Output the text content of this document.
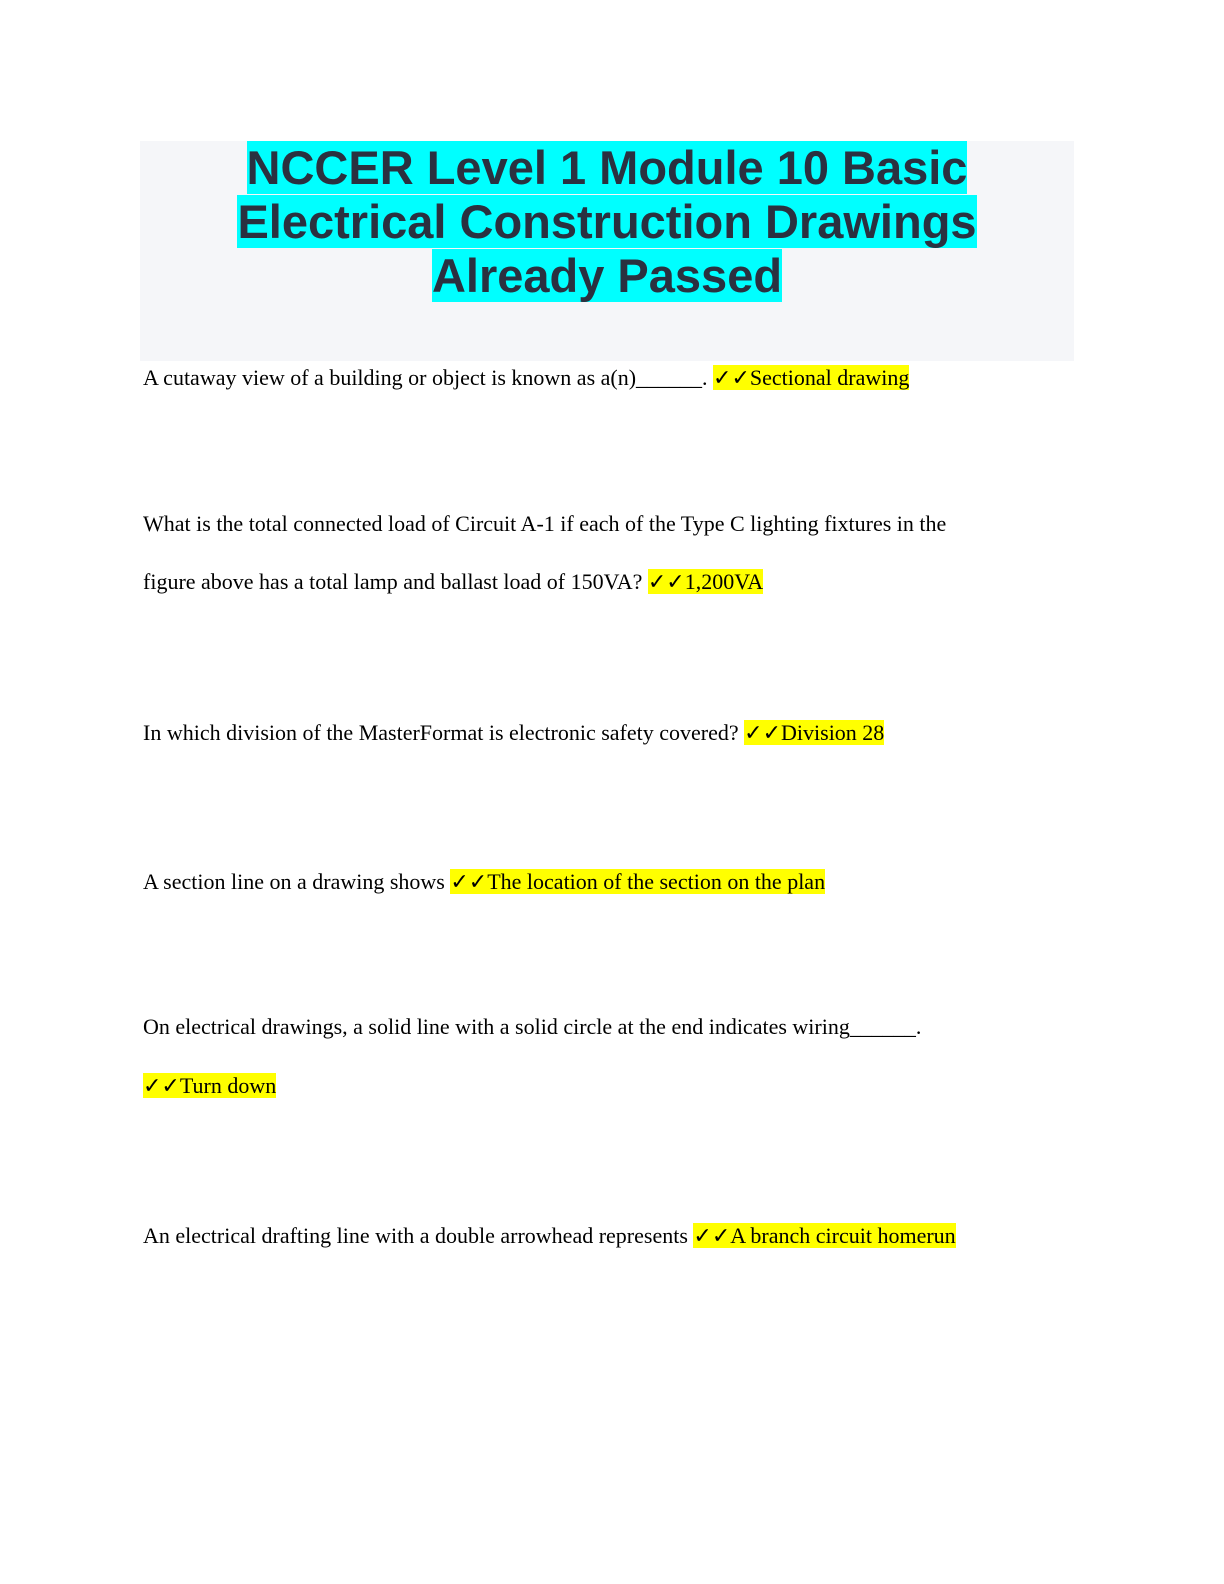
NCCER Level 1 Module 10 Basic
Electrical Construction Drawings
Already Passed

A cutaway view of a building or object is known as a(n)______. ✓✓Sectional drawing

What is the total connected load of Circuit A-1 if each of the Type C lighting fixtures in the

figure above has a total lamp and ballast load of 150VA? ✓✓1,200VA

In which division of the MasterFormat is electronic safety covered? ✓✓Division 28

A section line on a drawing shows ✓✓The location of the section on the plan

On electrical drawings, a solid line with a solid circle at the end indicates wiring______.

✓✓Turn down

An electrical drafting line with a double arrowhead represents ✓✓A branch circuit homerun
